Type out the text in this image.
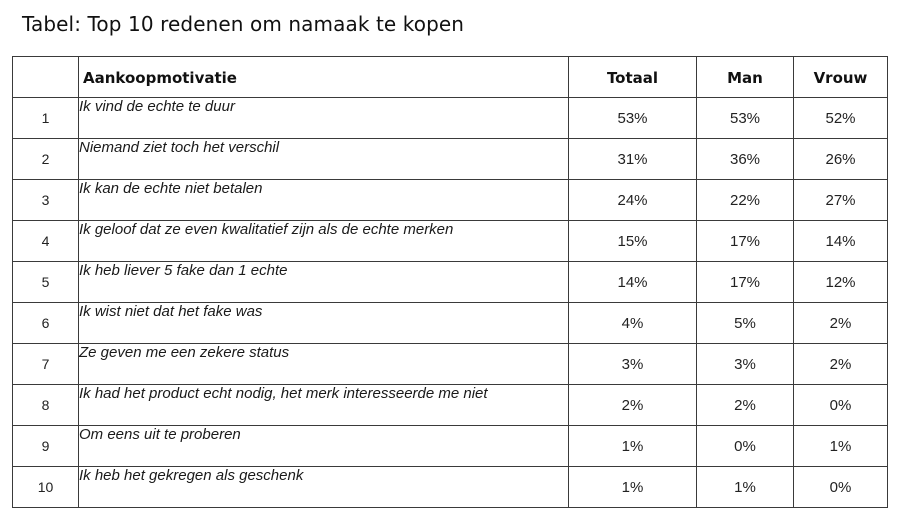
Tabel: Top 10 redenen om namaak te kopen
	Aankoopmotivatie	Totaal	Man	Vrouw
1	Ik vind de echte te duur	53%	53%	52%
2	Niemand ziet toch het verschil	31%	36%	26%
3	Ik kan de echte niet betalen	24%	22%	27%
4	Ik geloof dat ze even kwalitatief zijn als de echte merken	15%	17%	14%
5	Ik heb liever 5 fake dan 1 echte	14%	17%	12%
6	Ik wist niet dat het fake was	4%	5%	2%
7	Ze geven me een zekere status	3%	3%	2%
8	Ik had het product echt nodig, het merk interesseerde me niet	2%	2%	0%
9	Om eens uit te proberen	1%	0%	1%
10	Ik heb het gekregen als geschenk	1%	1%	0%
